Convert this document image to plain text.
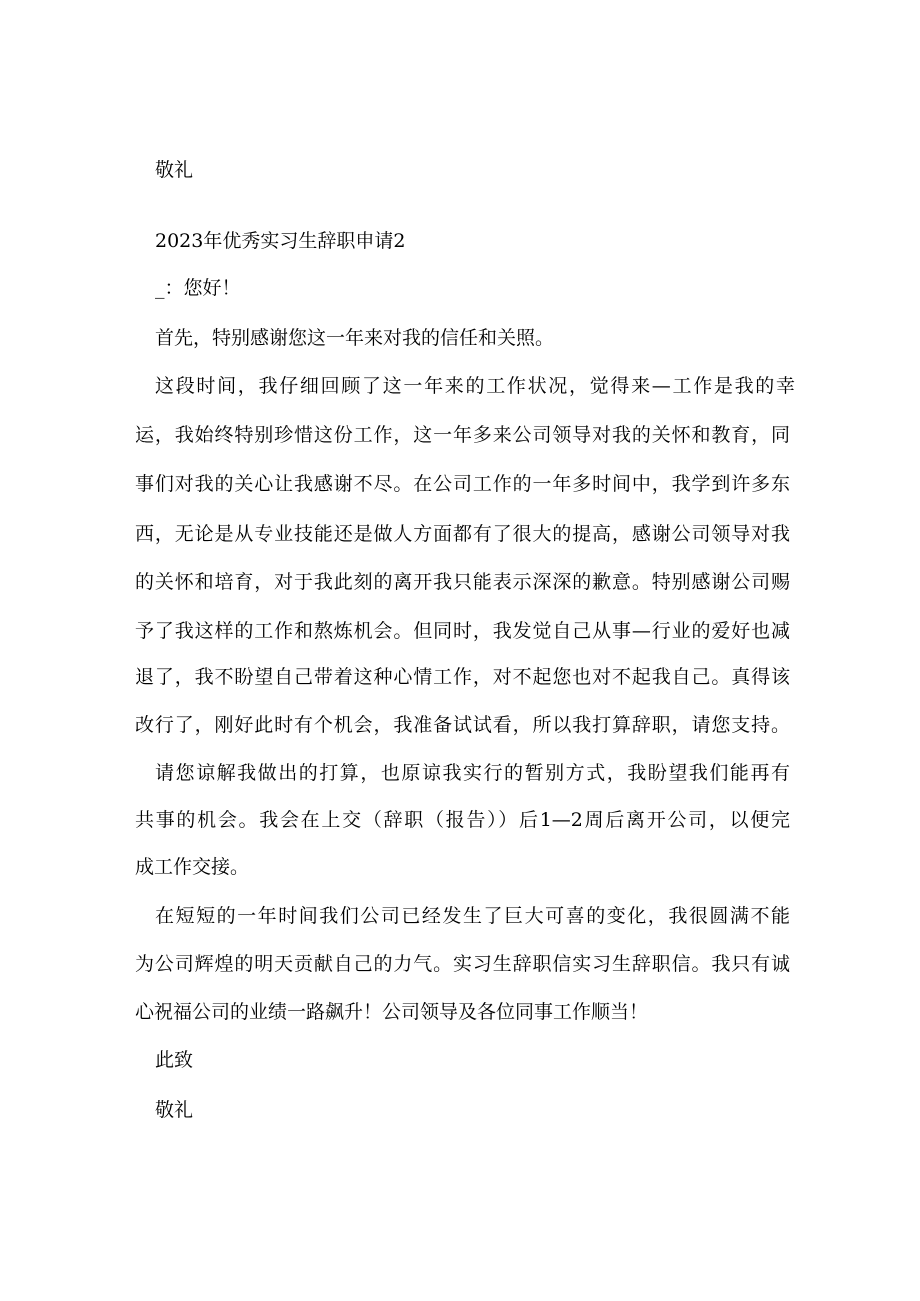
敬礼

2023年优秀实习生辞职申请2

_：您好！

首先，特别感谢您这一年来对我的信任和关照。

这段时间，我仔细回顾了这一年来的工作状况，觉得来—工作是我的幸

运，我始终特别珍惜这份工作，这一年多来公司领导对我的关怀和教育，同

事们对我的关心让我感谢不尽。在公司工作的一年多时间中，我学到许多东

西，无论是从专业技能还是做人方面都有了很大的提高，感谢公司领导对我

的关怀和培育，对于我此刻的离开我只能表示深深的歉意。特别感谢公司赐

予了我这样的工作和熬炼机会。但同时，我发觉自己从事—行业的爱好也减

退了，我不盼望自己带着这种心情工作，对不起您也对不起我自己。真得该

改行了，刚好此时有个机会，我准备试试看，所以我打算辞职，请您支持。

请您谅解我做出的打算，也原谅我实行的暂别方式，我盼望我们能再有

共事的机会。我会在上交（辞职（报告））后1—2周后离开公司，以便完

成工作交接。

在短短的一年时间我们公司已经发生了巨大可喜的变化，我很圆满不能

为公司辉煌的明天贡献自己的力气。实习生辞职信实习生辞职信。我只有诚

心祝福公司的业绩一路飙升！公司领导及各位同事工作顺当！

此致

敬礼
